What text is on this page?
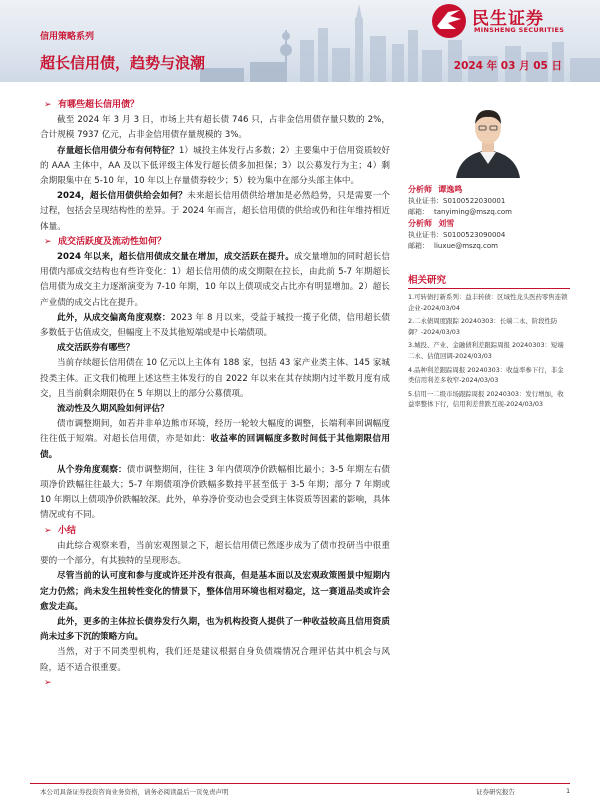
民生证券
MINSHENG SECURITIES
信用策略系列
超长信用债，趋势与浪潮	2024 年 03 月 05 日

➢ 有哪些超长信用债？

截至 2024 年 3 月 3 日，市场上共有超长债 746 只，占非金信用债存量只数的 2%，合计规模 7937 亿元，占非金信用债存量规模的 3%。

存量超长信用债分布有何特征？1）城投主体发行占多数；2）主要集中于信用资质较好的 AAA 主体中，AA 及以下低评级主体发行超长债多加担保；3）以公募发行为主；4）剩余期限集中在 5-10 年，10 年以上存量债券较少；5）较为集中在部分头部主体中。

2024，超长信用债供给会如何？未来超长信用债供给增加是必然趋势，只是需要一个过程，包括会呈现结构性的差异。于 2024 年而言，超长信用债的供给或仍和往年维持相近体量。

➢ 成交活跃度及流动性如何？

2024 年以来，超长信用债成交量在增加，成交活跃在提升。成交量增加的同时超长信用债内部成交结构也有些许变化：1）超长信用债的成交期限在拉长，由此前 5-7 年期超长信用债为成交主力逐渐演变为 7-10 年期，10 年以上债项成交占比亦有明显增加。2）超长产业债的成交占比在提升。

此外，从成交偏离角度观察：2023 年 8 月以来，受益于城投一揽子化债，信用超长债多数低于估值成交，但幅度上不及其他短端或是中长端债项。

成交活跃券有哪些？

当前存续超长信用债在 10 亿元以上主体有 188 家，包括 43 家产业类主体、145 家城投类主体。正文我们梳理上述这些主体发行的自 2022 年以来在其存续期内过半数月度有成交，且当前剩余期限仍在 5 年期以上的部分公募债项。

流动性及久期风险如何评估？

债市调整期间，如若并非单边熊市环境，经历一轮较大幅度的调整，长端利率回调幅度往往低于短端。对超长信用债，亦是如此：收益率的回调幅度多数时间低于其他期限信用债。

从个券角度观察：债市调整期间，往往 3 年内债项净价跌幅相比最小；3-5 年期左右债项净价跌幅往往最大；5-7 年期债项净价跌幅多数持平甚至低于 3-5 年期；部分 7 年期或 10 年期以上债项净价跌幅较深。此外，单券净价变动也会受到主体资质等因素的影响，具体情况或有不同。

➢ 小结

由此综合观察来看，当前宏观图景之下，超长信用债已然逐步成为了债市投研当中很重要的一个部分，有其独特的呈现形态。

尽管当前的认可度和参与度或许还并没有很高，但是基本面以及宏观政策图景中短期内定力仍然；尚未发生扭转性变化的情景下，整体信用环境也相对稳定，这一赛道品类或许会愈发走高。

此外，更多的主体拉长债券发行久期，也为机构投资人提供了一种收益较高且信用资质尚未过多下沉的策略方向。

当然，对于不同类型机构，我们还是建议根据自身负债端情况合理评估其中机会与风险，适不适合很重要。

➢

分析师 谭逸鸣
执业证书：S0100522030001
邮箱： tanyiming@mszq.com
分析师 刘雪
执业证书：S0100523090004
邮箱： liuxue@mszq.com
相关研究
1.可转债打新系列：益丰转债：区域性龙头医药零售连锁企业-2024/03/04
2.二永债周度跟踪 20240303：长端二永、阶段性防御？-2024/03/03
3.城投、产业、金融债利差跟踪周报 20240303：短端二永、估值回调-2024/03/03
4.品种利差跟踪周报 20240303：收益率参下行，非金类信用利差多收窄-2024/03/03
5.信用一二级市场跟踪周报 20240303：发行增加，收益率整体下行，信用利差普跌互现-2024/03/03
本公司具备证券投资咨询业务资格，请务必阅读最后一页免责声明	证券研究报告	1
